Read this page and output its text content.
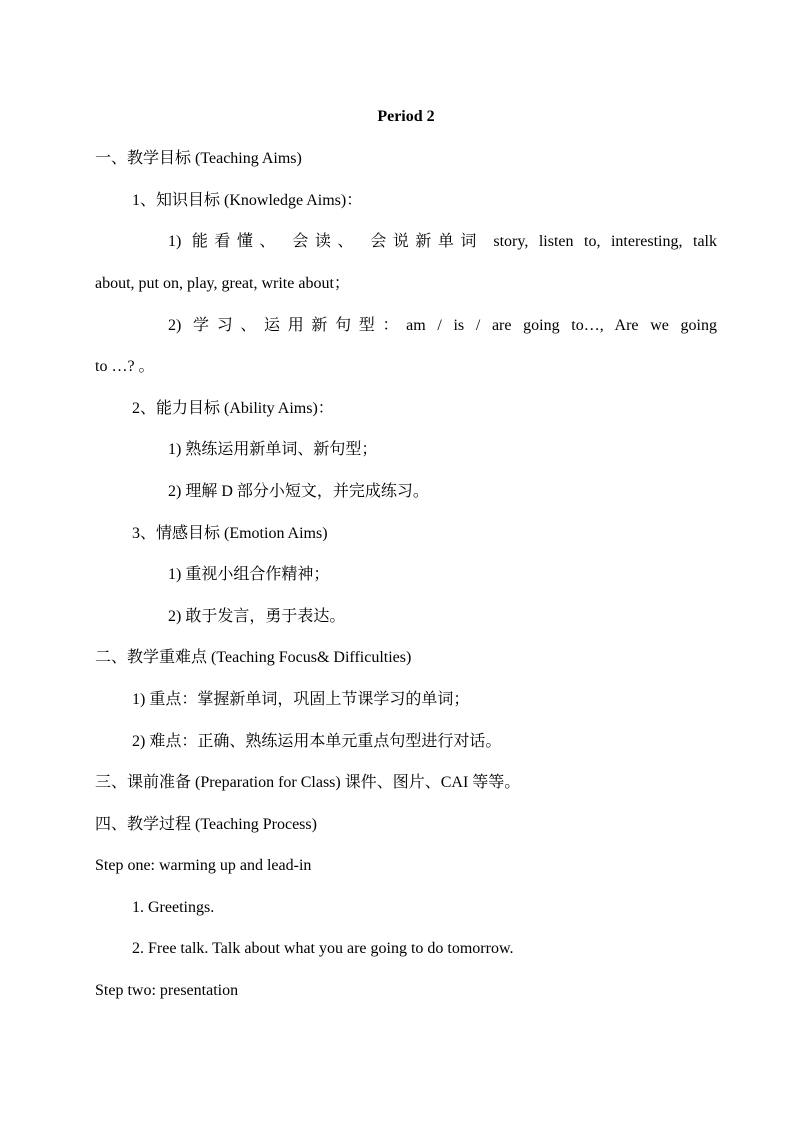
Period 2
一、教学目标 (Teaching Aims)
1、知识目标 (Knowledge Aims)：
1) 能看懂、 会读、 会说新单词 story, listen to, interesting, talk
about, put on, play, great, write about；
2) 学习、运用新句型：am / is / are going to…, Are we going
to …? 。
2、能力目标 (Ability Aims)：
1) 熟练运用新单词、新句型；
2) 理解 D 部分小短文，并完成练习。
3、情感目标 (Emotion Aims)
1) 重视小组合作精神；
2) 敢于发言，勇于表达。
二、教学重难点 (Teaching Focus& Difficulties)
1) 重点：掌握新单词，巩固上节课学习的单词；
2) 难点：正确、熟练运用本单元重点句型进行对话。
三、课前准备 (Preparation for Class) 课件、图片、CAI 等等。
四、教学过程 (Teaching Process)
Step one: warming up and lead-in
1. Greetings.
2. Free talk. Talk about what you are going to do tomorrow.
Step two: presentation
